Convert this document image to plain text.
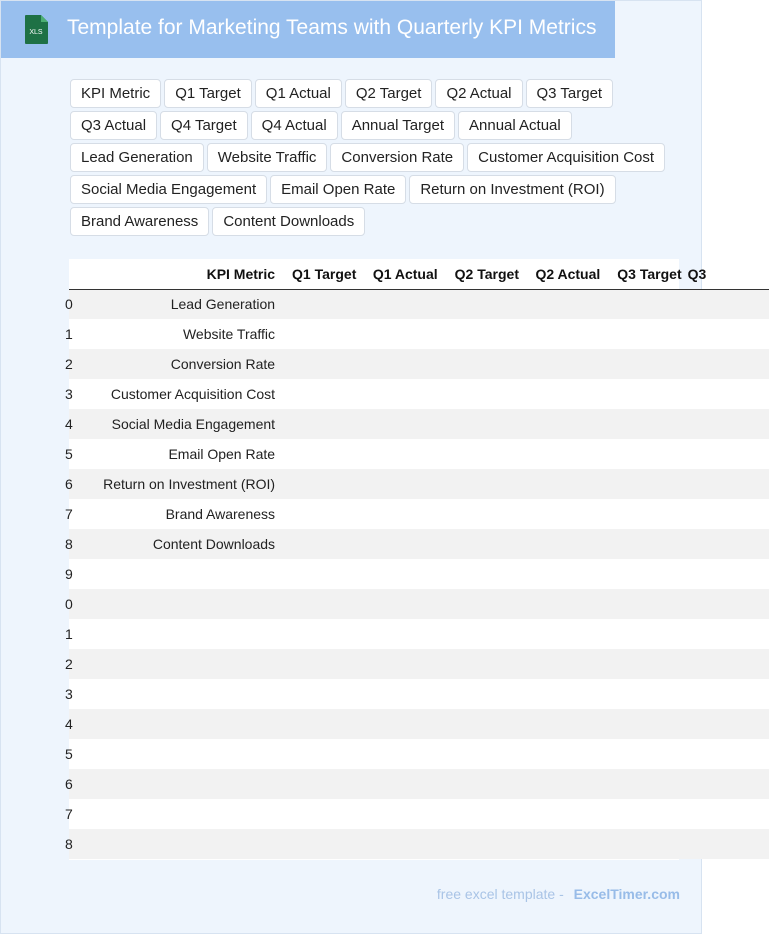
XLS Template for Marketing Teams with Quarterly KPI Metrics
KPI Metric	Q1 Target	Q1 Actual	Q2 Target	Q2 Actual	Q3 Target
Q3 Actual	Q4 Target	Q4 Actual	Annual Target	Annual Actual
Lead Generation	Website Traffic	Conversion Rate	Customer Acquisition Cost
Social Media Engagement	Email Open Rate	Return on Investment (ROI)
Brand Awareness	Content Downloads
	KPI Metric	Q1 Target	Q1 Actual	Q2 Target	Q2 Actual	Q3 Target	Q3
0	Lead Generation						
1	Website Traffic						
2	Conversion Rate						
3	Customer Acquisition Cost						
4	Social Media Engagement						
5	Email Open Rate						
6	Return on Investment (ROI)						
7	Brand Awareness						
8	Content Downloads						
9							
0							
1							
2							
3							
4							
5							
6							
7							
8							
free excel template - ExcelTimer.com
